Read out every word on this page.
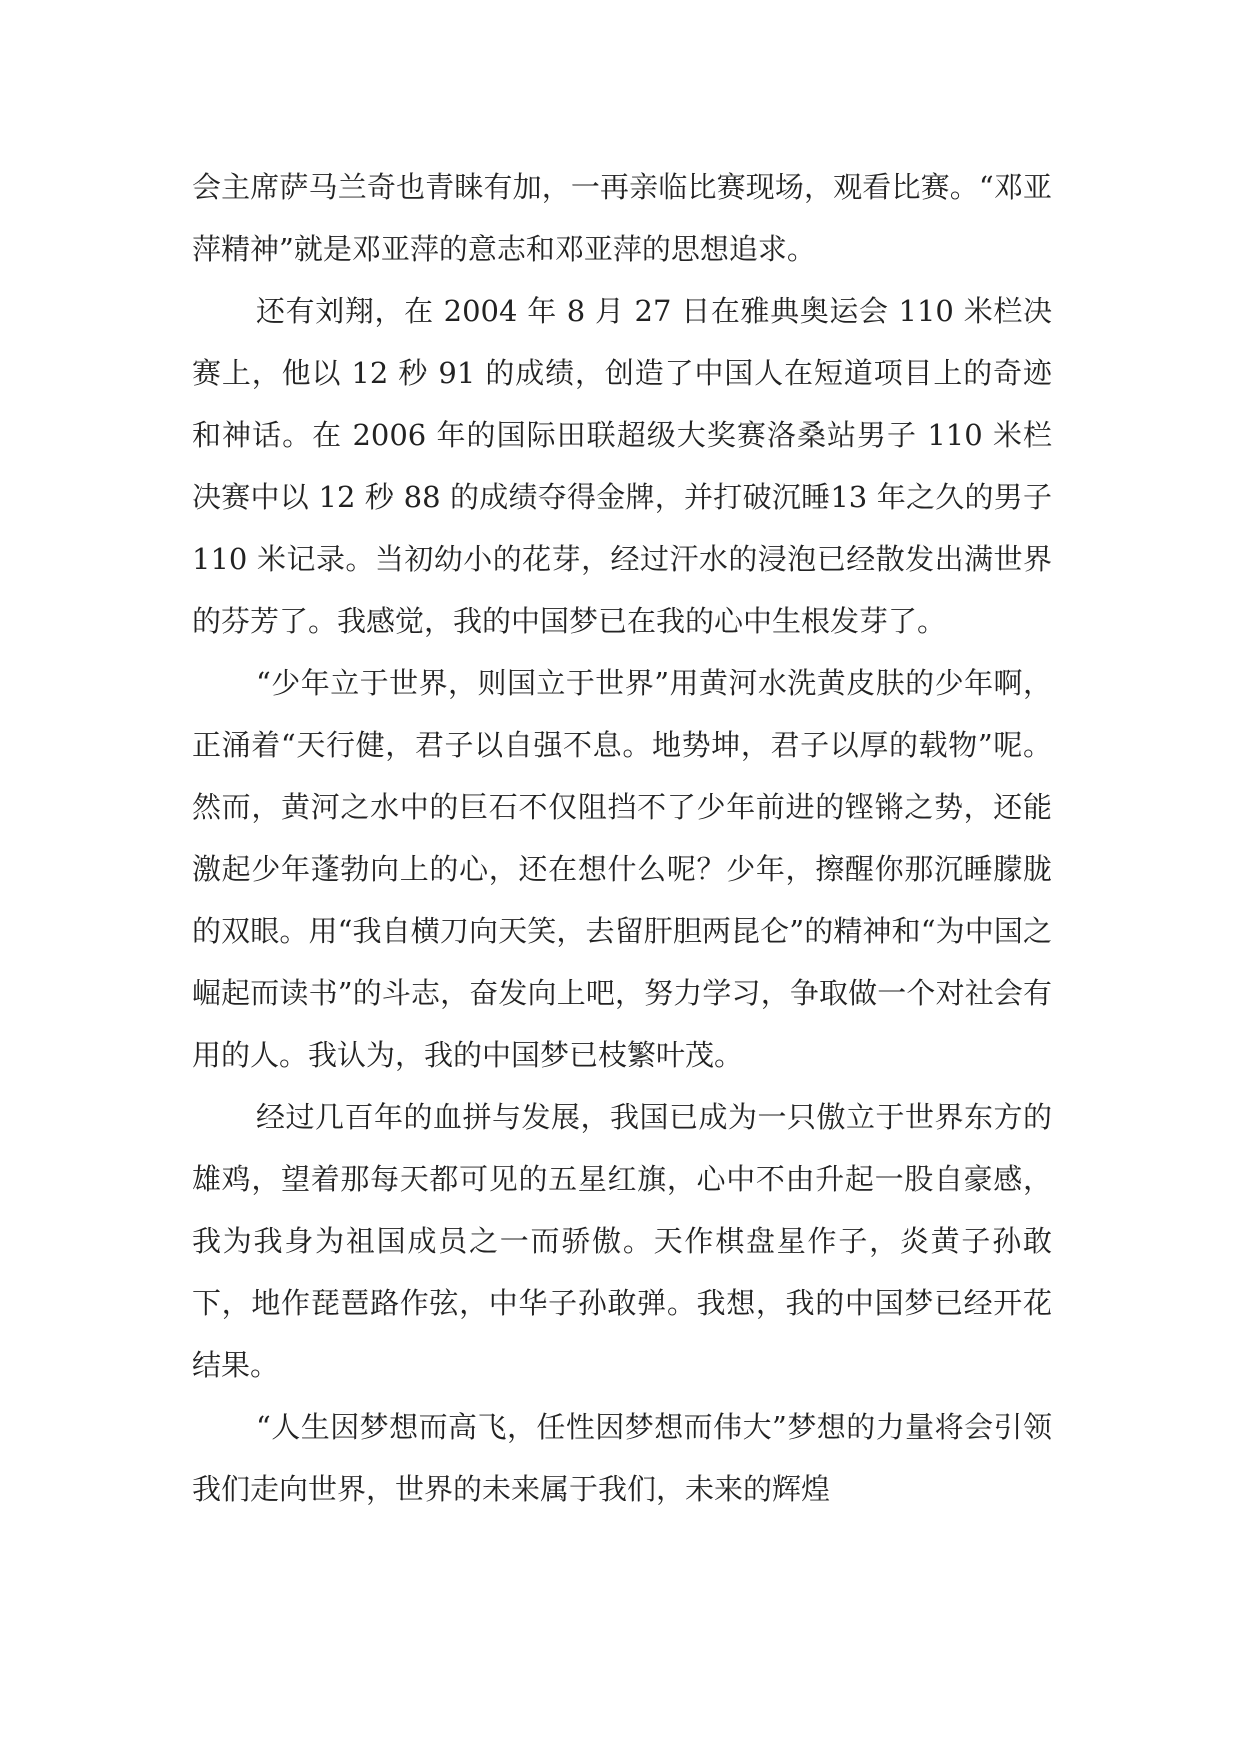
会主席萨马兰奇也青睐有加，一再亲临比赛现场，观看比赛。“邓亚萍精神”就是邓亚萍的意志和邓亚萍的思想追求。

还有刘翔，在 2004 年 8 月 27 日在雅典奥运会 110 米栏决赛上，他以 12 秒 91 的成绩，创造了中国人在短道项目上的奇迹和神话。在 2006 年的国际田联超级大奖赛洛桑站男子 110 米栏决赛中以 12 秒 88 的成绩夺得金牌，并打破沉睡13 年之久的男子 110 米记录。当初幼小的花芽，经过汗水的浸泡已经散发出满世界的芬芳了。我感觉，我的中国梦已在我的心中生根发芽了。

“少年立于世界，则国立于世界”用黄河水洗黄皮肤的少年啊，正涌着“天行健，君子以自强不息。地势坤，君子以厚的载物”呢。然而，黄河之水中的巨石不仅阻挡不了少年前进的铿锵之势，还能激起少年蓬勃向上的心，还在想什么呢？少年，擦醒你那沉睡朦胧的双眼。用“我自横刀向天笑，去留肝胆两昆仑”的精神和“为中国之崛起而读书”的斗志，奋发向上吧，努力学习，争取做一个对社会有用的人。我认为，我的中国梦已枝繁叶茂。

经过几百年的血拼与发展，我国已成为一只傲立于世界东方的雄鸡，望着那每天都可见的五星红旗，心中不由升起一股自豪感，我为我身为祖国成员之一而骄傲。天作棋盘星作子，炎黄子孙敢下，地作琵琶路作弦，中华子孙敢弹。我想，我的中国梦已经开花结果。

“人生因梦想而高飞，任性因梦想而伟大”梦想的力量将会引领我们走向世界，世界的未来属于我们，未来的辉煌
